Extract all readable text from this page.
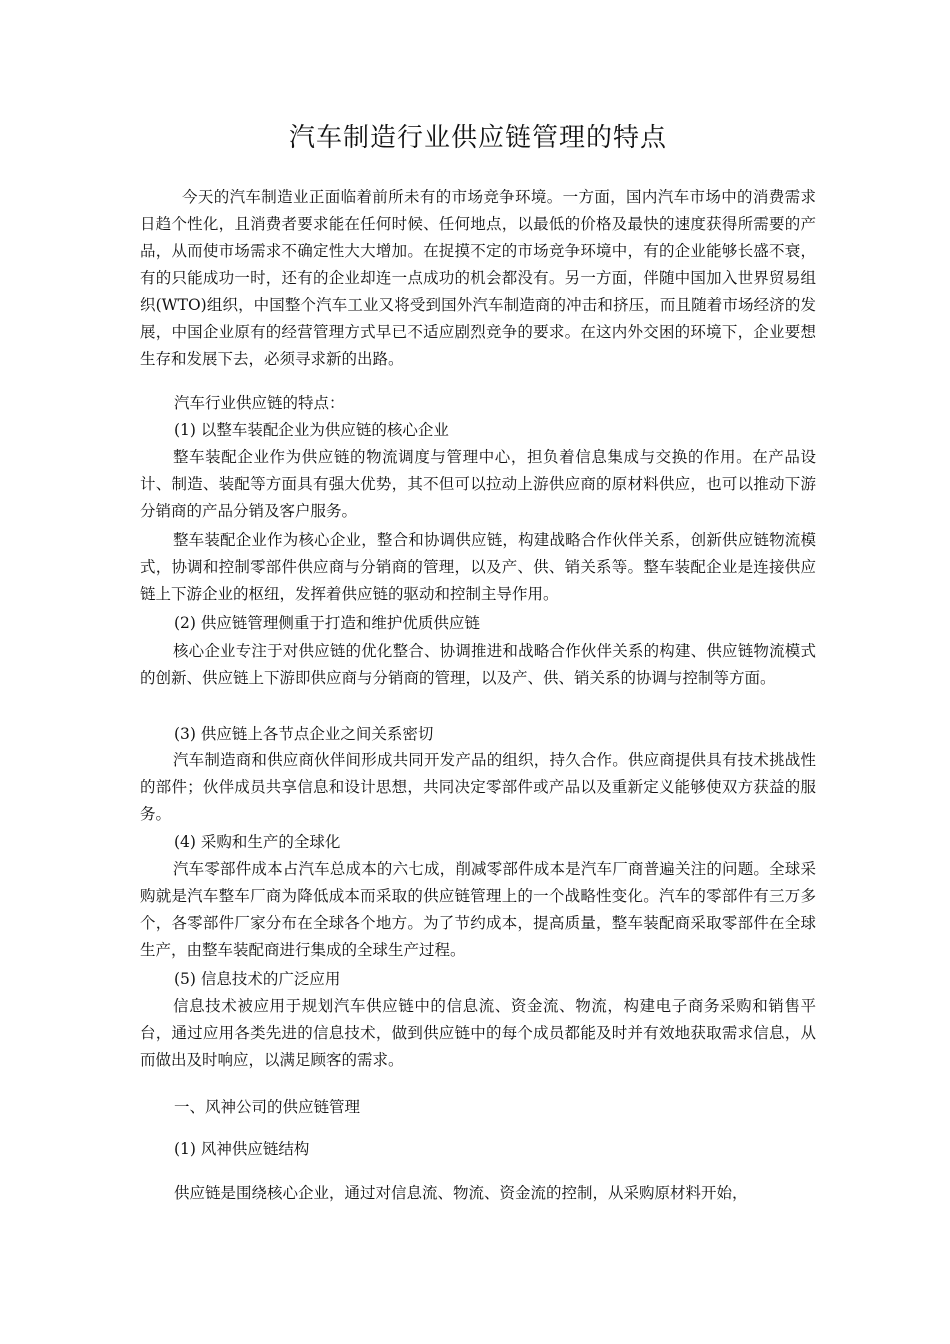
汽车制造行业供应链管理的特点

今天的汽车制造业正面临着前所未有的市场竞争环境。一方面，国内汽车市场中的消费需求日趋个性化，且消费者要求能在任何时候、任何地点，以最低的价格及最快的速度获得所需要的产品，从而使市场需求不确定性大大增加。在捉摸不定的市场竞争环境中，有的企业能够长盛不衰，有的只能成功一时，还有的企业却连一点成功的机会都没有。另一方面，伴随中国加入世界贸易组织(WTO)组织，中国整个汽车工业又将受到国外汽车制造商的冲击和挤压，而且随着市场经济的发展，中国企业原有的经营管理方式早已不适应剧烈竞争的要求。在这内外交困的环境下，企业要想生存和发展下去，必须寻求新的出路。

汽车行业供应链的特点：

(1) 以整车装配企业为供应链的核心企业

整车装配企业作为供应链的物流调度与管理中心，担负着信息集成与交换的作用。在产品设计、制造、装配等方面具有强大优势，其不但可以拉动上游供应商的原材料供应，也可以推动下游分销商的产品分销及客户服务。

整车装配企业作为核心企业，整合和协调供应链，构建战略合作伙伴关系，创新供应链物流模式，协调和控制零部件供应商与分销商的管理，以及产、供、销关系等。整车装配企业是连接供应链上下游企业的枢纽，发挥着供应链的驱动和控制主导作用。

(2) 供应链管理侧重于打造和维护优质供应链

核心企业专注于对供应链的优化整合、协调推进和战略合作伙伴关系的构建、供应链物流模式的创新、供应链上下游即供应商与分销商的管理，以及产、供、销关系的协调与控制等方面。

(3) 供应链上各节点企业之间关系密切

汽车制造商和供应商伙伴间形成共同开发产品的组织，持久合作。供应商提供具有技术挑战性的部件；伙伴成员共享信息和设计思想，共同决定零部件或产品以及重新定义能够使双方获益的服务。

(4) 采购和生产的全球化

汽车零部件成本占汽车总成本的六七成，削减零部件成本是汽车厂商普遍关注的问题。全球采购就是汽车整车厂商为降低成本而采取的供应链管理上的一个战略性变化。汽车的零部件有三万多个，各零部件厂家分布在全球各个地方。为了节约成本，提高质量，整车装配商采取零部件在全球生产，由整车装配商进行集成的全球生产过程。

(5) 信息技术的广泛应用

信息技术被应用于规划汽车供应链中的信息流、资金流、物流，构建电子商务采购和销售平台，通过应用各类先进的信息技术，做到供应链中的每个成员都能及时并有效地获取需求信息，从而做出及时响应，以满足顾客的需求。

一、风神公司的供应链管理

(1) 风神供应链结构

供应链是围绕核心企业，通过对信息流、物流、资金流的控制，从采购原材料开始，
